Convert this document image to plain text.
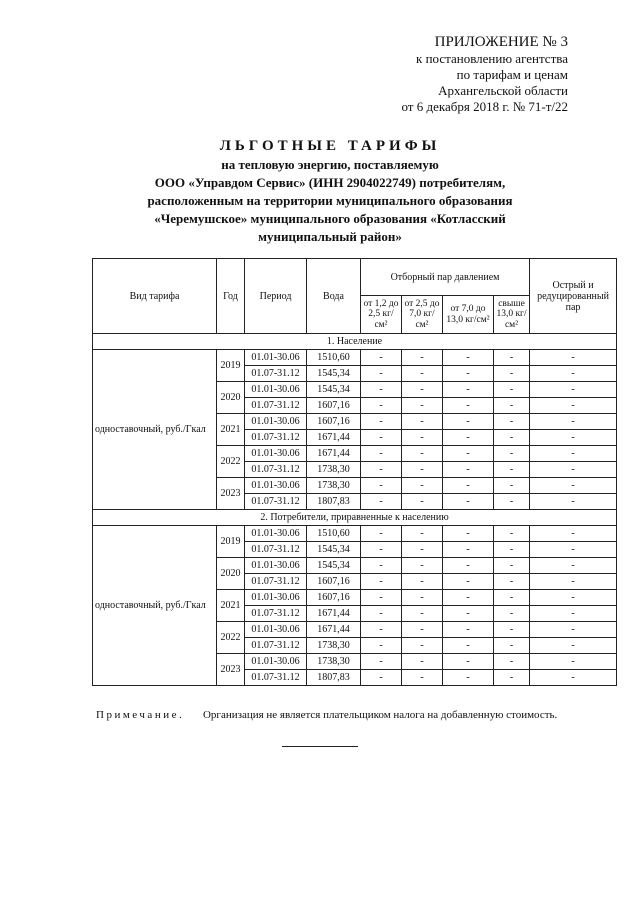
ПРИЛОЖЕНИЕ № 3
к постановлению агентства
по тарифам и ценам
Архангельской области
от 6 декабря 2018 г. № 71-т/22
ЛЬГОТНЫЕ ТАРИФЫ
на тепловую энергию, поставляемую
ООО «Управдом Сервис» (ИНН 2904022749) потребителям,
расположенным на территории муниципального образования
«Черемушское» муниципального образования «Котласский
муниципальный район»
Вид тарифа	Год	Период	Вода	Отборный пар давлением				Острый и редуцированный пар
				от 1,2 до 2,5 кг/см²	от 2,5 до 7,0 кг/см²	от 7,0 до 13,0 кг/см²	свыше 13,0 кг/см²	
1. Население								
одноставочный, руб./Гкал	2019	01.01-30.06	1510,60	-	-	-	-	-
		01.07-31.12	1545,34	-	-	-	-	-
	2020	01.01-30.06	1545,34	-	-	-	-	-
		01.07-31.12	1607,16	-	-	-	-	-
	2021	01.01-30.06	1607,16	-	-	-	-	-
		01.07-31.12	1671,44	-	-	-	-	-
	2022	01.01-30.06	1671,44	-	-	-	-	-
		01.07-31.12	1738,30	-	-	-	-	-
	2023	01.01-30.06	1738,30	-	-	-	-	-
		01.07-31.12	1807,83	-	-	-	-	-
2. Потребители, приравненные к населению								
одноставочный, руб./Гкал	2019	01.01-30.06	1510,60	-	-	-	-	-
		01.07-31.12	1545,34	-	-	-	-	-
	2020	01.01-30.06	1545,34	-	-	-	-	-
		01.07-31.12	1607,16	-	-	-	-	-
	2021	01.01-30.06	1607,16	-	-	-	-	-
		01.07-31.12	1671,44	-	-	-	-	-
	2022	01.01-30.06	1671,44	-	-	-	-	-
		01.07-31.12	1738,30	-	-	-	-	-
	2023	01.01-30.06	1738,30	-	-	-	-	-
		01.07-31.12	1807,83	-	-	-	-	-
Примечание. Организация не является плательщиком налога на добавленную стоимость.
